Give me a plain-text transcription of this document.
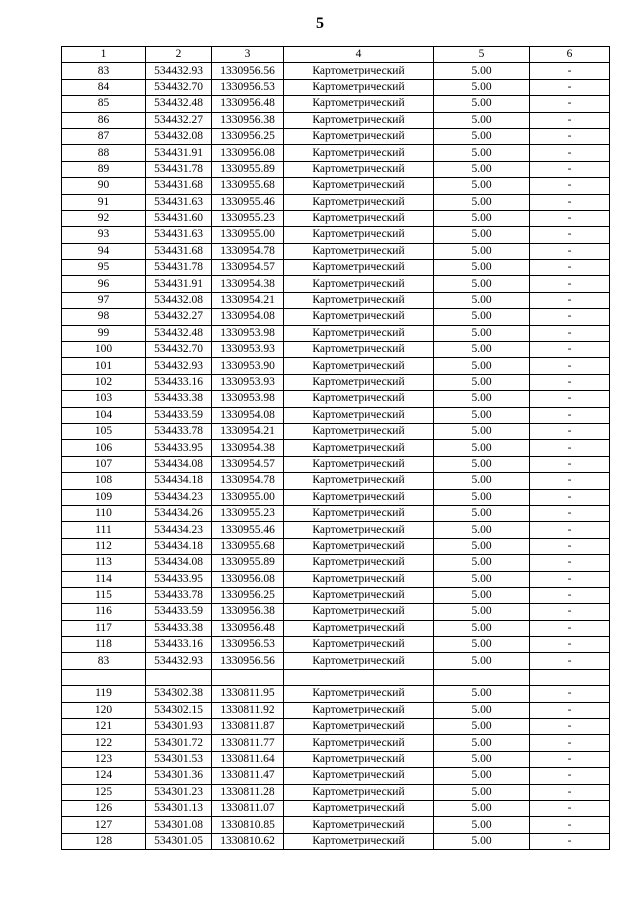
5
1	2	3	4	5	6
83	534432.93	1330956.56	Картометрический	5.00	-
84	534432.70	1330956.53	Картометрический	5.00	-
85	534432.48	1330956.48	Картометрический	5.00	-
86	534432.27	1330956.38	Картометрический	5.00	-
87	534432.08	1330956.25	Картометрический	5.00	-
88	534431.91	1330956.08	Картометрический	5.00	-
89	534431.78	1330955.89	Картометрический	5.00	-
90	534431.68	1330955.68	Картометрический	5.00	-
91	534431.63	1330955.46	Картометрический	5.00	-
92	534431.60	1330955.23	Картометрический	5.00	-
93	534431.63	1330955.00	Картометрический	5.00	-
94	534431.68	1330954.78	Картометрический	5.00	-
95	534431.78	1330954.57	Картометрический	5.00	-
96	534431.91	1330954.38	Картометрический	5.00	-
97	534432.08	1330954.21	Картометрический	5.00	-
98	534432.27	1330954.08	Картометрический	5.00	-
99	534432.48	1330953.98	Картометрический	5.00	-
100	534432.70	1330953.93	Картометрический	5.00	-
101	534432.93	1330953.90	Картометрический	5.00	-
102	534433.16	1330953.93	Картометрический	5.00	-
103	534433.38	1330953.98	Картометрический	5.00	-
104	534433.59	1330954.08	Картометрический	5.00	-
105	534433.78	1330954.21	Картометрический	5.00	-
106	534433.95	1330954.38	Картометрический	5.00	-
107	534434.08	1330954.57	Картометрический	5.00	-
108	534434.18	1330954.78	Картометрический	5.00	-
109	534434.23	1330955.00	Картометрический	5.00	-
110	534434.26	1330955.23	Картометрический	5.00	-
111	534434.23	1330955.46	Картометрический	5.00	-
112	534434.18	1330955.68	Картометрический	5.00	-
113	534434.08	1330955.89	Картометрический	5.00	-
114	534433.95	1330956.08	Картометрический	5.00	-
115	534433.78	1330956.25	Картометрический	5.00	-
116	534433.59	1330956.38	Картометрический	5.00	-
117	534433.38	1330956.48	Картометрический	5.00	-
118	534433.16	1330956.53	Картометрический	5.00	-
83	534432.93	1330956.56	Картометрический	5.00	-

119	534302.38	1330811.95	Картометрический	5.00	-
120	534302.15	1330811.92	Картометрический	5.00	-
121	534301.93	1330811.87	Картометрический	5.00	-
122	534301.72	1330811.77	Картометрический	5.00	-
123	534301.53	1330811.64	Картометрический	5.00	-
124	534301.36	1330811.47	Картометрический	5.00	-
125	534301.23	1330811.28	Картометрический	5.00	-
126	534301.13	1330811.07	Картометрический	5.00	-
127	534301.08	1330810.85	Картометрический	5.00	-
128	534301.05	1330810.62	Картометрический	5.00	-
